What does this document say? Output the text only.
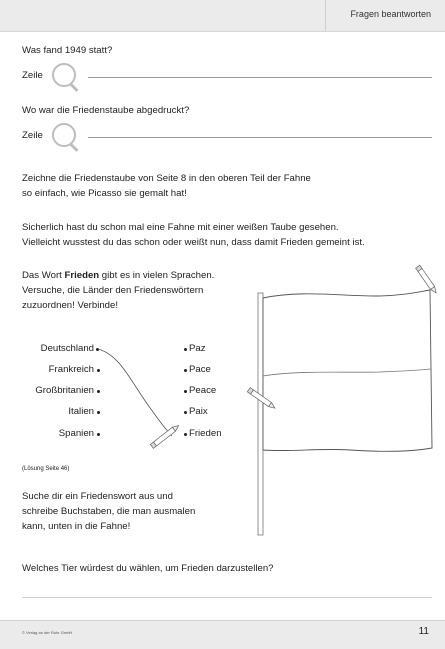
Fragen beantworten
Was fand 1949 statt?
Zeile
Wo war die Friedenstaube abgedruckt?
Zeile
Zeichne die Friedenstaube von Seite 8 in den oberen Teil der Fahne
so einfach, wie Picasso sie gemalt hat!
Sicherlich hast du schon mal eine Fahne mit einer weißen Taube gesehen.
Vielleicht wusstest du das schon oder weißt nun, dass damit Frieden gemeint ist.
Das Wort Frieden gibt es in vielen Sprachen.
Versuche, die Länder den Friedenswörtern
zuzuordnen! Verbinde!
Deutschland
Frankreich
Großbritanien
Italien
Spanien
Paz
Pace
Peace
Paix
Frieden
(Lösung Seite 46)
Suche dir ein Friedenswort aus und
schreibe Buchstaben, die man ausmalen
kann, unten in die Fahne!
Welches Tier würdest du wählen, um Frieden darzustellen?
© Verlag an der Ruhr GmbH	11
